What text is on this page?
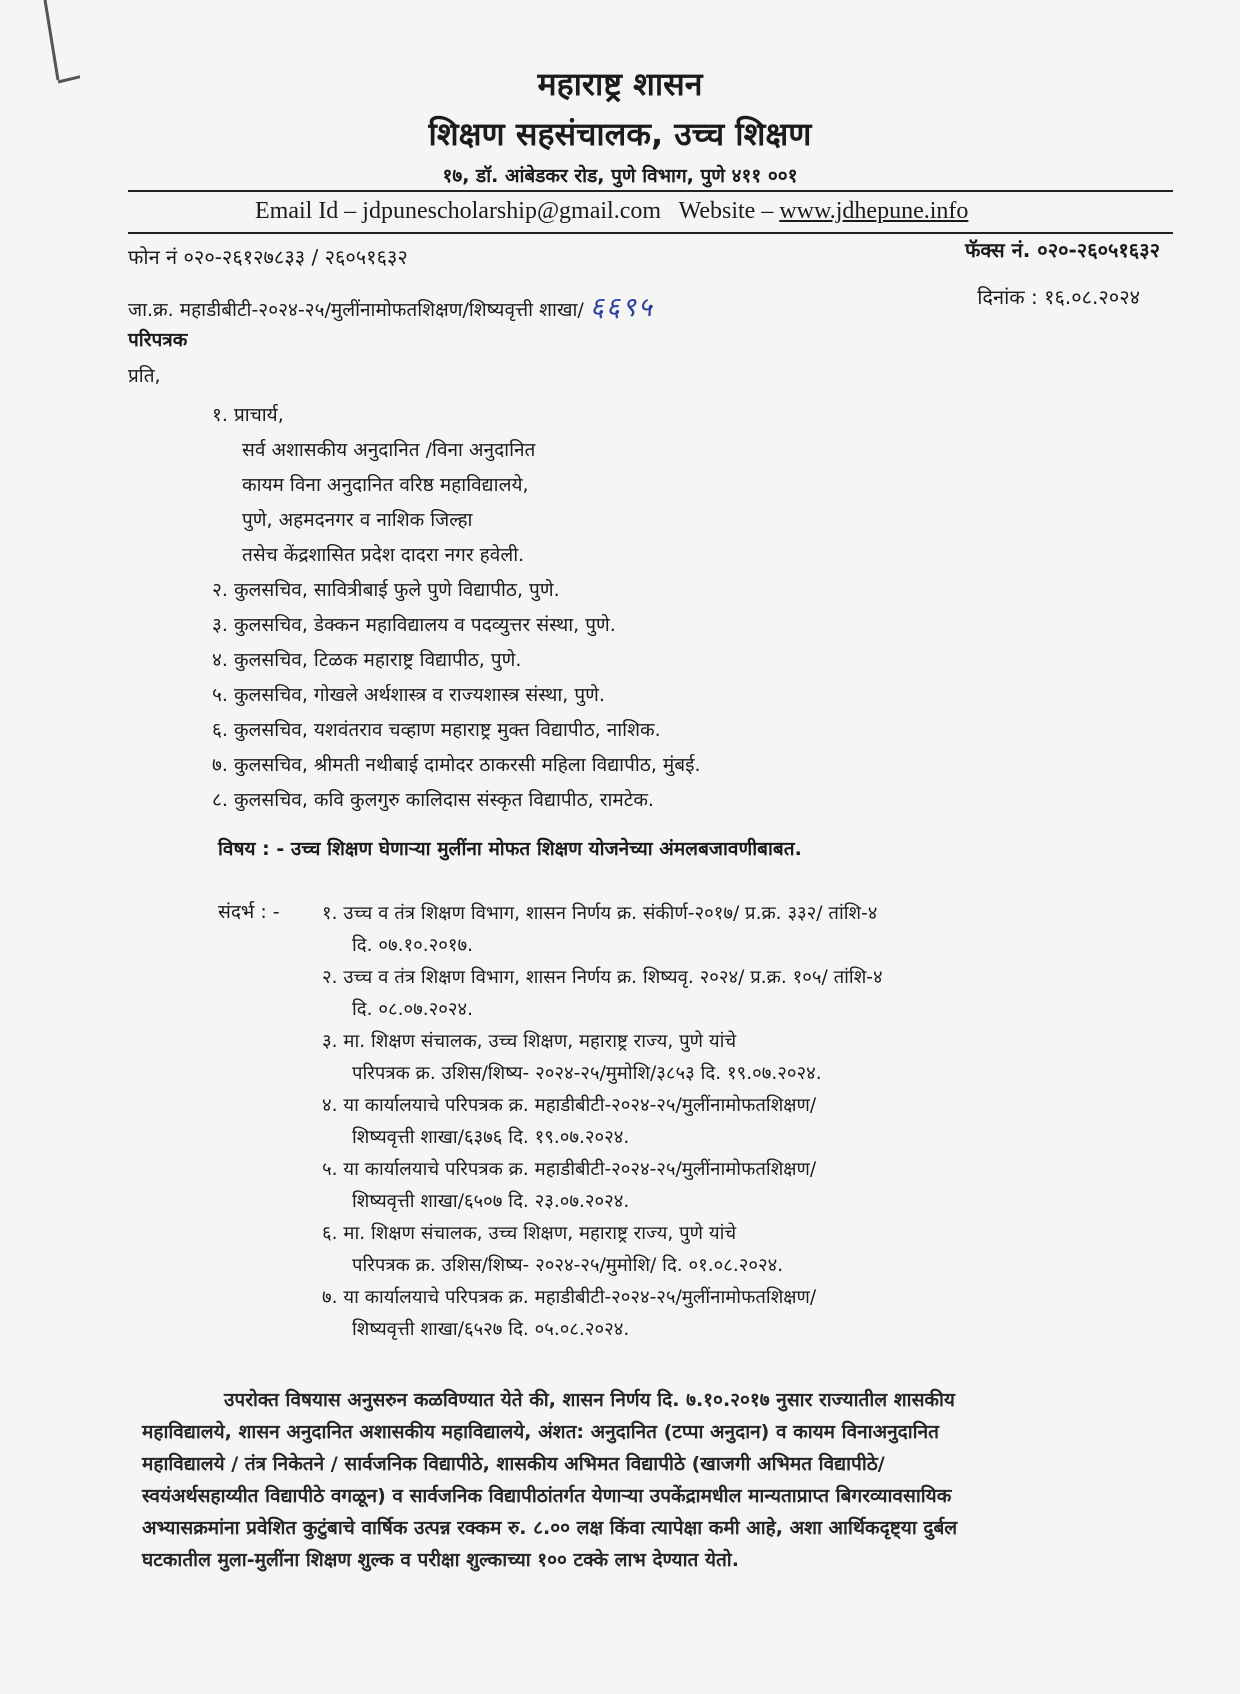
महाराष्ट्र शासन
शिक्षण सहसंचालक, उच्च शिक्षण
१७, डॉ. आंबेडकर रोड, पुणे विभाग, पुणे ४११ ००१
Email Id – jdpunescholarship@gmail.com Website – www.jdhepune.info
फोन नं ०२०-२६१२७८३३ / २६०५१६३२	फॅक्स नं. ०२०-२६०५१६३२
जा.क्र. महाडीबीटी-२०२४-२५/मुलींनामोफतशिक्षण/शिष्यवृत्ती शाखा/ ६६९५	दिनांक : १६.०८.२०२४
परिपत्रक
प्रति,
१. प्राचार्य,
सर्व अशासकीय अनुदानित /विना अनुदानित
कायम विना अनुदानित वरिष्ठ महाविद्यालये,
पुणे, अहमदनगर व नाशिक जिल्हा
तसेच केंद्रशासित प्रदेश दादरा नगर हवेली.
२. कुलसचिव, सावित्रीबाई फुले पुणे विद्यापीठ, पुणे.
३. कुलसचिव, डेक्कन महाविद्यालय व पदव्युत्तर संस्था, पुणे.
४. कुलसचिव, टिळक महाराष्ट्र विद्यापीठ, पुणे.
५. कुलसचिव, गोखले अर्थशास्त्र व राज्यशास्त्र संस्था, पुणे.
६. कुलसचिव, यशवंतराव चव्हाण महाराष्ट्र मुक्त विद्यापीठ, नाशिक.
७. कुलसचिव, श्रीमती नथीबाई दामोदर ठाकरसी महिला विद्यापीठ, मुंबई.
८. कुलसचिव, कवि कुलगुरु कालिदास संस्कृत विद्यापीठ, रामटेक.
विषय : - उच्च शिक्षण घेणाऱ्या मुलींना मोफत शिक्षण योजनेच्या अंमलबजावणीबाबत.
संदर्भ : - १. उच्च व तंत्र शिक्षण विभाग, शासन निर्णय क्र. संकीर्ण-२०१७/ प्र.क्र. ३३२/ तांशि-४
दि. ०७.१०.२०१७.
२. उच्च व तंत्र शिक्षण विभाग, शासन निर्णय क्र. शिष्यवृ. २०२४/ प्र.क्र. १०५/ तांशि-४
दि. ०८.०७.२०२४.
३. मा. शिक्षण संचालक, उच्च शिक्षण, महाराष्ट्र राज्य, पुणे यांचे
परिपत्रक क्र. उशिस/शिष्य- २०२४-२५/मुमोशि/३८५३ दि. १९.०७.२०२४.
४. या कार्यालयाचे परिपत्रक क्र. महाडीबीटी-२०२४-२५/मुलींनामोफतशिक्षण/
शिष्यवृत्ती शाखा/६३७६ दि. १९.०७.२०२४.
५. या कार्यालयाचे परिपत्रक क्र. महाडीबीटी-२०२४-२५/मुलींनामोफतशिक्षण/
शिष्यवृत्ती शाखा/६५०७ दि. २३.०७.२०२४.
६. मा. शिक्षण संचालक, उच्च शिक्षण, महाराष्ट्र राज्य, पुणे यांचे
परिपत्रक क्र. उशिस/शिष्य- २०२४-२५/मुमोशि/ दि. ०१.०८.२०२४.
७. या कार्यालयाचे परिपत्रक क्र. महाडीबीटी-२०२४-२५/मुलींनामोफतशिक्षण/
शिष्यवृत्ती शाखा/६५२७ दि. ०५.०८.२०२४.
उपरोक्त विषयास अनुसरुन कळविण्यात येते की, शासन निर्णय दि. ७.१०.२०१७ नुसार राज्यातील शासकीय
महाविद्यालये, शासन अनुदानित अशासकीय महाविद्यालये, अंशत: अनुदानित (टप्पा अनुदान) व कायम विनाअनुदानित
महाविद्यालये / तंत्र निकेतने / सार्वजनिक विद्यापीठे, शासकीय अभिमत विद्यापीठे (खाजगी अभिमत विद्यापीठे/
स्वयंअर्थसहाय्यीत विद्यापीठे वगळून) व सार्वजनिक विद्यापीठांतर्गत येणाऱ्या उपकेंद्रामधील मान्यताप्राप्त बिगरव्यावसायिक
अभ्यासक्रमांना प्रवेशित कुटुंबाचे वार्षिक उत्पन्न रक्कम रु. ८.०० लक्ष किंवा त्यापेक्षा कमी आहे, अशा आर्थिकदृष्ट्या दुर्बल
घटकातील मुला-मुलींना शिक्षण शुल्क व परीक्षा शुल्काच्या १०० टक्के लाभ देण्यात येतो.
